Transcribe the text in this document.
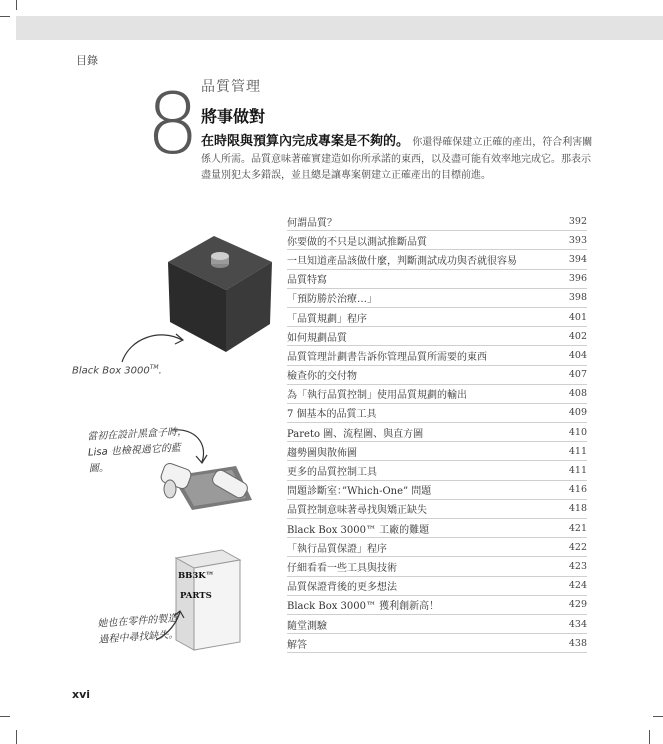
目錄
8 品質管理
將事做對
在時限與預算內完成專案是不夠的。 你還得確保建立正確的產出，符合利害關係人所需。品質意味著確實建造如你所承諾的東西，以及盡可能有效率地完成它。那表示盡量別犯太多錯誤，並且總是讓專案朝建立正確產出的目標前進。
何謂品質？	392
你要做的不只是以測試推斷品質	393
一旦知道產品該做什麼，判斷測試成功與否就很容易	394
品質特寫	396
「預防勝於治療…」	398
「品質規劃」程序	401
如何規劃品質	402
品質管理計劃書告訴你管理品質所需要的東西	404
檢查你的交付物	407
為「執行品質控制」使用品質規劃的輸出	408
7 個基本的品質工具	409
Pareto 圖、流程圖、與直方圖	410
趨勢圖與散佈圖	411
更多的品質控制工具	411
問題診斷室：”Which-One” 問題	416
品質控制意味著尋找與矯正缺失	418
Black Box 3000™ 工廠的難題	421
「執行品質保證」程序	422
仔細看看一些工具與技術	423
品質保證背後的更多想法	424
Black Box 3000™ 獲利創新高！	429
隨堂測驗	434
解答	438
BB3K™
PARTS
Black Box 3000™.
當初在設計黑盒子時，Lisa 也檢視過它的藍圖。
她也在零件的製造過程中尋找缺失。
xvi
